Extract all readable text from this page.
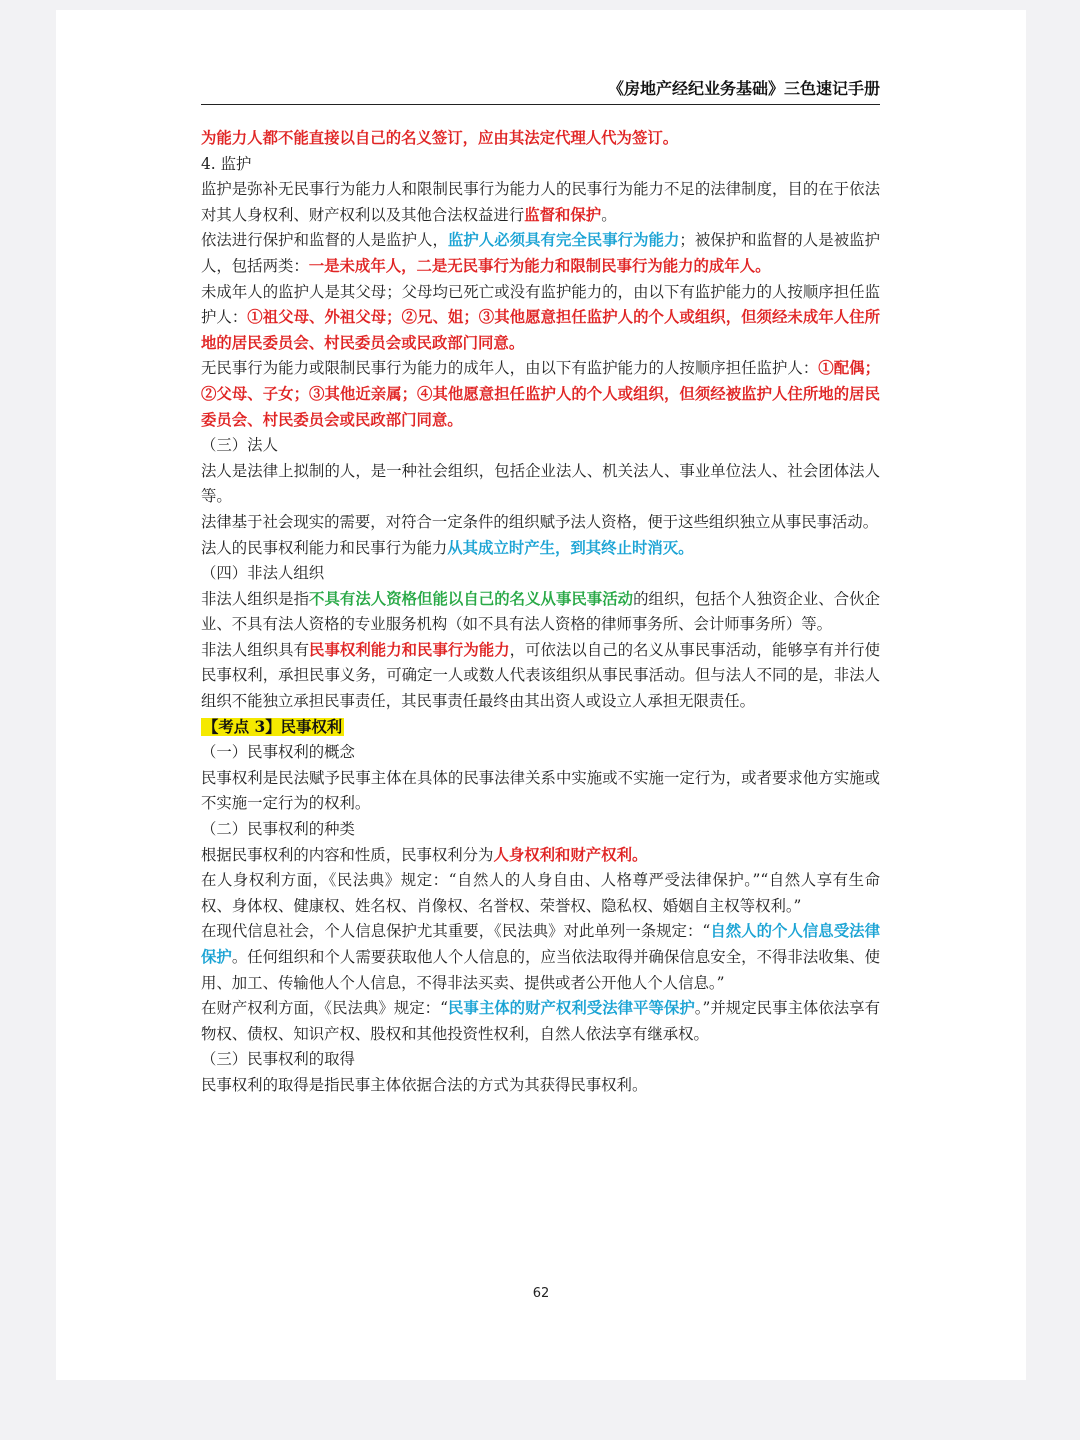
《房地产经纪业务基础》三色速记手册

为能力人都不能直接以自己的名义签订，应由其法定代理人代为签订。

4. 监护

监护是弥补无民事行为能力人和限制民事行为能力人的民事行为能力不足的法律制度，目的在于依法对其人身权利、财产权利以及其他合法权益进行监督和保护。

依法进行保护和监督的人是监护人，监护人必须具有完全民事行为能力；被保护和监督的人是被监护人，包括两类：一是未成年人，二是无民事行为能力和限制民事行为能力的成年人。

未成年人的监护人是其父母；父母均已死亡或没有监护能力的，由以下有监护能力的人按顺序担任监护人：①祖父母、外祖父母；②兄、姐；③其他愿意担任监护人的个人或组织，但须经未成年人住所地的居民委员会、村民委员会或民政部门同意。

无民事行为能力或限制民事行为能力的成年人，由以下有监护能力的人按顺序担任监护人：①配偶；②父母、子女；③其他近亲属；④其他愿意担任监护人的个人或组织，但须经被监护人住所地的居民委员会、村民委员会或民政部门同意。

（三）法人

法人是法律上拟制的人，是一种社会组织，包括企业法人、机关法人、事业单位法人、社会团体法人等。

法律基于社会现实的需要，对符合一定条件的组织赋予法人资格，便于这些组织独立从事民事活动。

法人的民事权利能力和民事行为能力从其成立时产生，到其终止时消灭。

（四）非法人组织

非法人组织是指不具有法人资格但能以自己的名义从事民事活动的组织，包括个人独资企业、合伙企业、不具有法人资格的专业服务机构（如不具有法人资格的律师事务所、会计师事务所）等。

非法人组织具有民事权利能力和民事行为能力，可依法以自己的名义从事民事活动，能够享有并行使民事权利，承担民事义务，可确定一人或数人代表该组织从事民事活动。但与法人不同的是，非法人组织不能独立承担民事责任，其民事责任最终由其出资人或设立人承担无限责任。

【考点 3】民事权利

（一）民事权利的概念

民事权利是民法赋予民事主体在具体的民事法律关系中实施或不实施一定行为，或者要求他方实施或不实施一定行为的权利。

（二）民事权利的种类

根据民事权利的内容和性质，民事权利分为人身权利和财产权利。

在人身权利方面，《民法典》规定：“自然人的人身自由、人格尊严受法律保护。”“自然人享有生命权、身体权、健康权、姓名权、肖像权、名誉权、荣誉权、隐私权、婚姻自主权等权利。”

在现代信息社会，个人信息保护尤其重要，《民法典》对此单列一条规定：“自然人的个人信息受法律保护。任何组织和个人需要获取他人个人信息的，应当依法取得并确保信息安全，不得非法收集、使用、加工、传输他人个人信息，不得非法买卖、提供或者公开他人个人信息。”

在财产权利方面，《民法典》规定：“民事主体的财产权利受法律平等保护。”并规定民事主体依法享有物权、债权、知识产权、股权和其他投资性权利，自然人依法享有继承权。

（三）民事权利的取得

民事权利的取得是指民事主体依据合法的方式为其获得民事权利。

62
